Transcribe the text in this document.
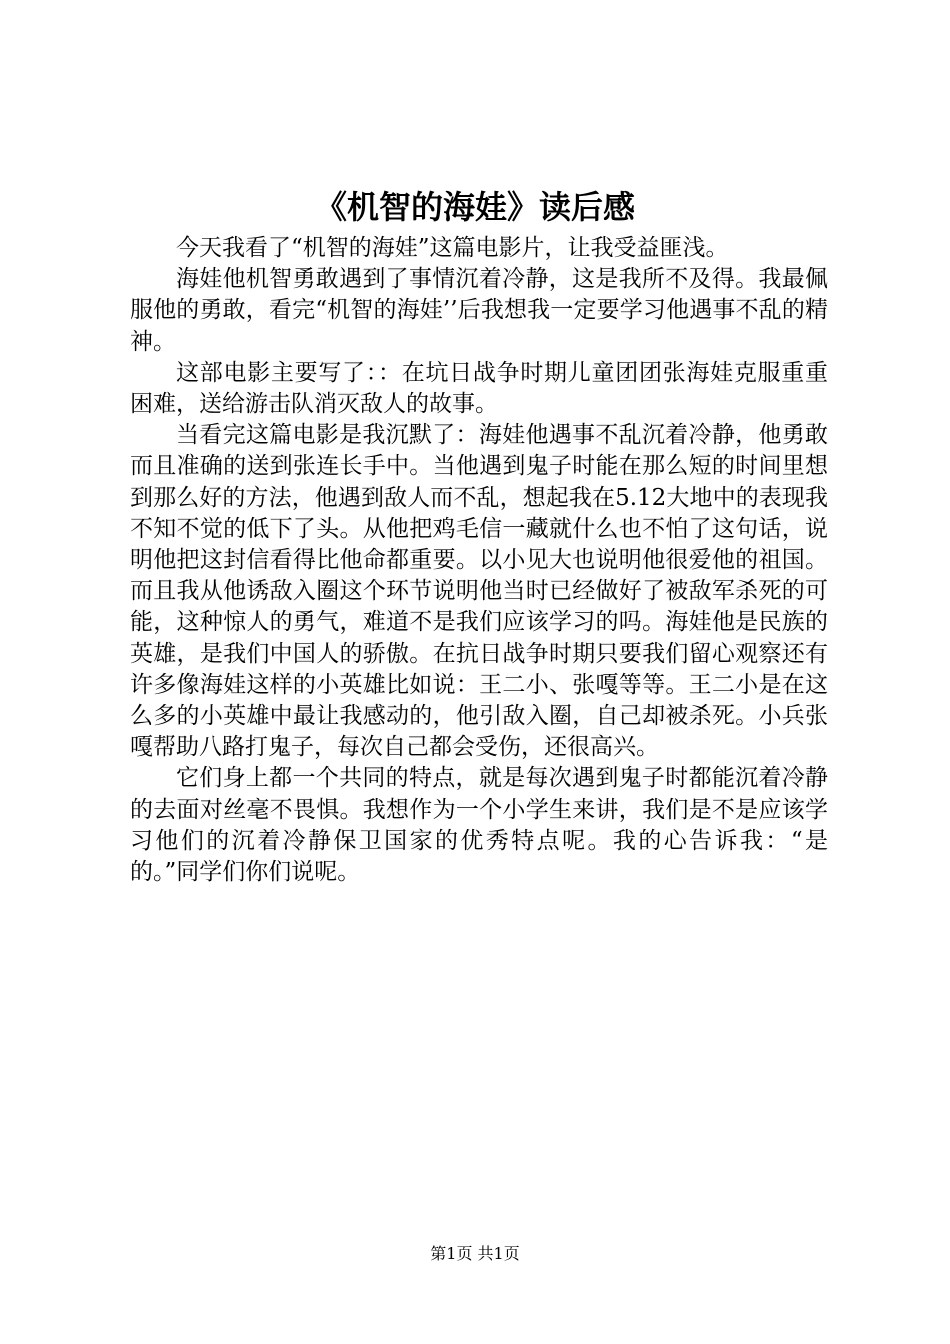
《机智的海娃》读后感

今天我看了“机智的海娃”这篇电影片，让我受益匪浅。

海娃他机智勇敢遇到了事情沉着冷静，这是我所不及得。我最佩服他的勇敢，看完“机智的海娃’’后我想我一定要学习他遇事不乱的精神。

这部电影主要写了：：在坑日战争时期儿童团团张海娃克服重重困难，送给游击队消灭敌人的故事。

当看完这篇电影是我沉默了：海娃他遇事不乱沉着冷静，他勇敢而且准确的送到张连长手中。当他遇到鬼子时能在那么短的时间里想到那么好的方法，他遇到敌人而不乱，想起我在5.12大地中的表现我不知不觉的低下了头。从他把鸡毛信一藏就什么也不怕了这句话，说明他把这封信看得比他命都重要。以小见大也说明他很爱他的祖国。而且我从他诱敌入圈这个环节说明他当时已经做好了被敌军杀死的可能，这种惊人的勇气，难道不是我们应该学习的吗。海娃他是民族的英雄，是我们中国人的骄傲。在抗日战争时期只要我们留心观察还有许多像海娃这样的小英雄比如说：王二小、张嘎等等。王二小是在这么多的小英雄中最让我感动的，他引敌入圈，自己却被杀死。小兵张嘎帮助八路打鬼子，每次自己都会受伤，还很高兴。

它们身上都一个共同的特点，就是每次遇到鬼子时都能沉着冷静的去面对丝毫不畏惧。我想作为一个小学生来讲，我们是不是应该学习他们的沉着冷静保卫国家的优秀特点呢。我的心告诉我：“是的。”同学们你们说呢。

第1页 共1页
